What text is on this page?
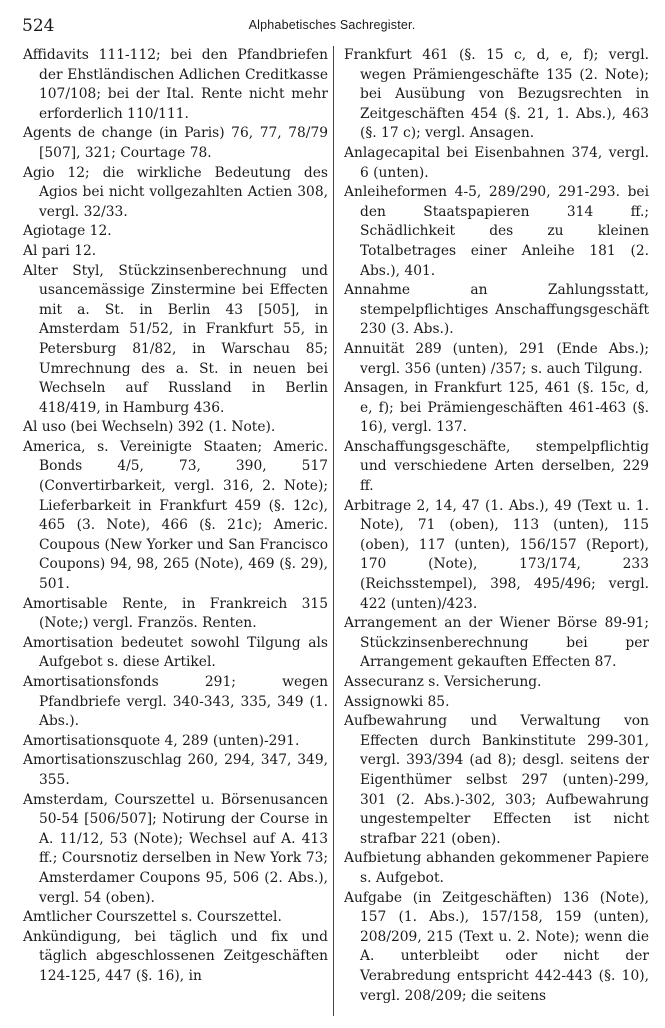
524	Alphabetisches Sachregister.

Affidavits 111-112; bei den Pfandbriefen der Ehstländischen Adlichen Creditkasse 107/108; bei der Ital. Rente nicht mehr erforderlich 110/111.

Agents de change (in Paris) 76, 77, 78/79 [507], 321; Courtage 78.

Agio 12; die wirkliche Bedeutung des Agios bei nicht vollgezahlten Actien 308, vergl. 32/33.

Agiotage 12.

Al pari 12.

Alter Styl, Stückzinsenberechnung und usancemässige Zinstermine bei Effecten mit a. St. in Berlin 43 [505], in Amsterdam 51/52, in Frankfurt 55, in Petersburg 81/82, in Warschau 85; Umrechnung des a. St. in neuen bei Wechseln auf Russland in Berlin 418/419, in Hamburg 436.

Al uso (bei Wechseln) 392 (1. Note).

America, s. Vereinigte Staaten; Americ. Bonds 4/5, 73, 390, 517 (Convertirbarkeit, vergl. 316, 2. Note); Lieferbarkeit in Frankfurt 459 (§. 12c), 465 (3. Note), 466 (§. 21c); Americ. Coupous (New Yorker und San Francisco Coupons) 94, 98, 265 (Note), 469 (§. 29), 501.

Amortisable Rente, in Frankreich 315 (Note;) vergl. Französ. Renten.

Amortisation bedeutet sowohl Tilgung als Aufgebot s. diese Artikel.

Amortisationsfonds 291; wegen Pfandbriefe vergl. 340-343, 335, 349 (1. Abs.).

Amortisationsquote 4, 289 (unten)-291.

Amortisationszuschlag 260, 294, 347, 349, 355.

Amsterdam, Courszettel u. Börsenusancen 50-54 [506/507]; Notirung der Course in A. 11/12, 53 (Note); Wechsel auf A. 413 ff.; Coursnotiz derselben in New York 73; Amsterdamer Coupons 95, 506 (2. Abs.), vergl. 54 (oben).

Amtlicher Courszettel s. Courszettel.

Ankündigung, bei täglich und fix und täglich abgeschlossenen Zeitgeschäften 124-125, 447 (§. 16), in

Frankfurt 461 (§. 15 c, d, e, f); vergl. wegen Prämiengeschäfte 135 (2. Note); bei Ausübung von Bezugsrechten in Zeitgeschäften 454 (§. 21, 1. Abs.), 463 (§. 17 c); vergl. Ansagen.

Anlagecapital bei Eisenbahnen 374, vergl. 6 (unten).

Anleiheformen 4-5, 289/290, 291-293. bei den Staatspapieren 314 ff.; Schädlichkeit des zu kleinen Totalbetrages einer Anleihe 181 (2. Abs.), 401.

Annahme an Zahlungsstatt, stempelpflichtiges Anschaffungsgeschäft 230 (3. Abs.).

Annuität 289 (unten), 291 (Ende Abs.); vergl. 356 (unten) /357; s. auch Tilgung.

Ansagen, in Frankfurt 125, 461 (§. 15c, d, e, f); bei Prämiengeschäften 461-463 (§. 16), vergl. 137.

Anschaffungsgeschäfte, stempelpflichtig und verschiedene Arten derselben, 229 ff.

Arbitrage 2, 14, 47 (1. Abs.), 49 (Text u. 1. Note), 71 (oben), 113 (unten), 115 (oben), 117 (unten), 156/157 (Report), 170 (Note), 173/174, 233 (Reichsstempel), 398, 495/496; vergl. 422 (unten)/423.

Arrangement an der Wiener Börse 89-91; Stückzinsenberechnung bei per Arrangement gekauften Effecten 87.

Assecuranz s. Versicherung.

Assignowki 85.

Aufbewahrung und Verwaltung von Effecten durch Bankinstitute 299-301, vergl. 393/394 (ad 8); desgl. seitens der Eigenthümer selbst 297 (unten)-299, 301 (2. Abs.)-302, 303; Aufbewahrung ungestempelter Effecten ist nicht strafbar 221 (oben).

Aufbietung abhanden gekommener Papiere s. Aufgebot.

Aufgabe (in Zeitgeschäften) 136 (Note), 157 (1. Abs.), 157/158, 159 (unten), 208/209, 215 (Text u. 2. Note); wenn die A. unterbleibt oder nicht der Verabredung entspricht 442-443 (§. 10), vergl. 208/209; die seitens
